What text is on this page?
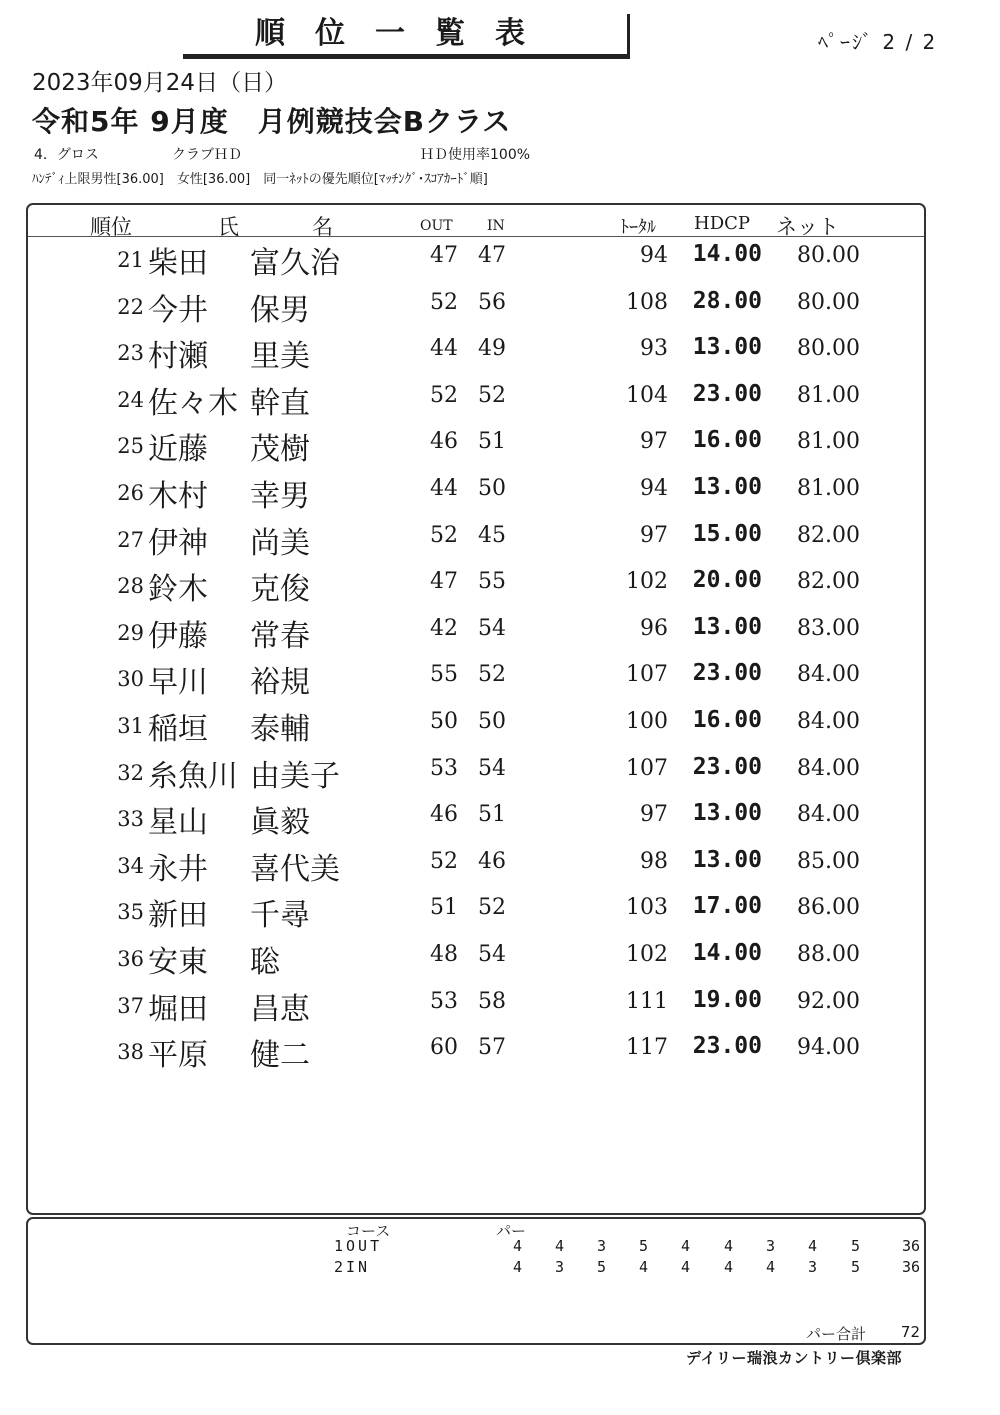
順位一覧表	ﾍﾟｰｼﾞ 2 / 2
2023年09月24日（日）
令和5年 9月度　月例競技会Bクラス
4．グロス	クラブＨＤ	ＨＤ使用率100%
ﾊﾝﾃﾞｨ上限男性[36.00]　女性[36.00]　同一ﾈｯﾄの優先順位[ﾏｯﾁﾝｸﾞ･ｽｺｱｶｰﾄﾞ順]
順位	氏	名	OUT IN	ﾄｰﾀﾙ HDCP ネット
21 柴田 富久治	47 47	94 14.00	80.00
22 今井 保男	52 56	108 28.00	80.00
23 村瀬 里美	44 49	93 13.00	80.00
24 佐々木 幹直	52 52	104 23.00	81.00
25 近藤 茂樹	46 51	97 16.00	81.00
26 木村 幸男	44 50	94 13.00	81.00
27 伊神 尚美	52 45	97 15.00	82.00
28 鈴木 克俊	47 55	102 20.00	82.00
29 伊藤 常春	42 54	96 13.00	83.00
30 早川 裕規	55 52	107 23.00	84.00
31 稲垣 泰輔	50 50	100 16.00	84.00
32 糸魚川 由美子	53 54	107 23.00	84.00
33 星山 眞毅	46 51	97 13.00	84.00
34 永井 喜代美	52 46	98 13.00	85.00
35 新田 千尋	51 52	103 17.00	86.00
36 安東 聡	48 54	102 14.00	88.00
37 堀田 昌恵	53 58	111 19.00	92.00
38 平原 健二	60 57	117 23.00	94.00
コース	パー
1OUT	4	4	3	5	4	4	3	4	5	36
2IN	4	3	5	4	4	4	4	3	5	36
パー合計 72
デイリー瑞浪カントリー倶楽部
